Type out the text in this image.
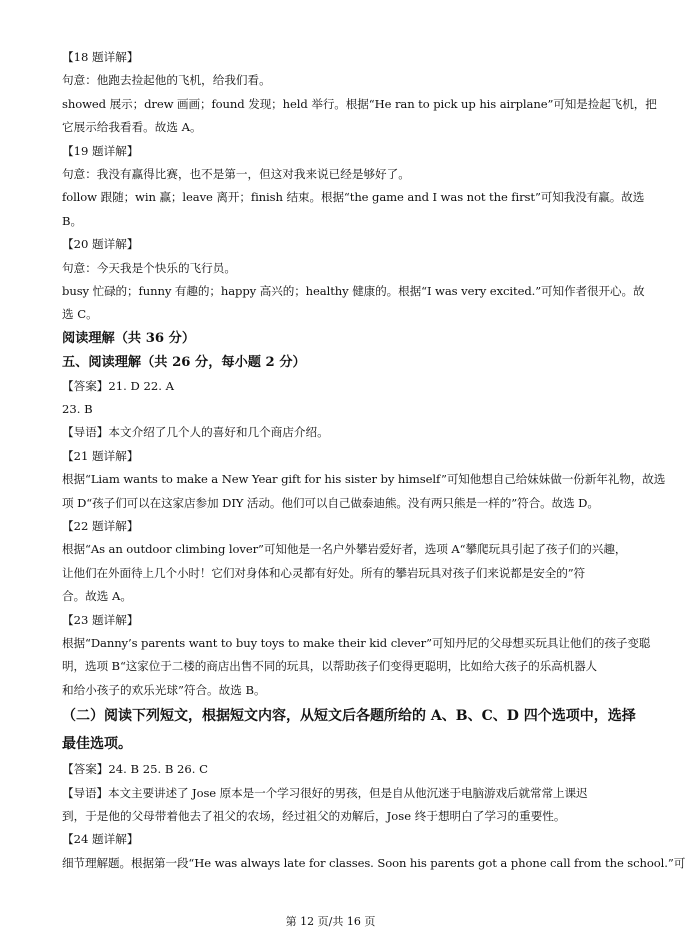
【18 题详解】
句意：他跑去捡起他的飞机，给我们看。
showed 展示；drew 画画；found 发现；held 举行。根据“He ran to pick up his airplane”可知是捡起飞机，把
它展示给我看看。故选 A。
【19 题详解】
句意：我没有赢得比赛，也不是第一，但这对我来说已经是够好了。
follow 跟随；win 赢；leave 离开；finish 结束。根据“the game and I was not the first”可知我没有赢。故选
B。
【20 题详解】
句意：今天我是个快乐的飞行员。
busy 忙碌的；funny 有趣的；happy 高兴的；healthy 健康的。根据“I was very excited.”可知作者很开心。故
选 C。
阅读理解（共 36 分）
五、阅读理解（共 26 分，每小题 2 分）
【答案】21. D 22. A
23. B
【导语】本文介绍了几个人的喜好和几个商店介绍。
【21 题详解】
根据“Liam wants to make a New Year gift for his sister by himself”可知他想自己给妹妹做一份新年礼物，故选
项 D“孩子们可以在这家店参加 DIY 活动。他们可以自己做泰迪熊。没有两只熊是一样的”符合。故选 D。
【22 题详解】
根据“As an outdoor climbing lover”可知他是一名户外攀岩爱好者，选项 A“攀爬玩具引起了孩子们的兴趣，
让他们在外面待上几个小时！它们对身体和心灵都有好处。所有的攀岩玩具对孩子们来说都是安全的”符
合。故选 A。
【23 题详解】
根据“Danny’s parents want to buy toys to make their kid clever”可知丹尼的父母想买玩具让他们的孩子变聪
明，选项 B“这家位于二楼的商店出售不同的玩具，以帮助孩子们变得更聪明，比如给大孩子的乐高机器人
和给小孩子的欢乐光球”符合。故选 B。
（二）阅读下列短文，根据短文内容，从短文后各题所给的 A、B、C、D 四个选项中，选择
最佳选项。
【答案】24. B 25. B 26. C
【导语】本文主要讲述了 Jose 原本是一个学习很好的男孩，但是自从他沉迷于电脑游戏后就常常上课迟
到，于是他的父母带着他去了祖父的农场，经过祖父的劝解后，Jose 终于想明白了学习的重要性。
【24 题详解】
细节理解题。根据第一段“He was always late for classes. Soon his parents got a phone call from the school.”可
第 12 页/共 16 页
